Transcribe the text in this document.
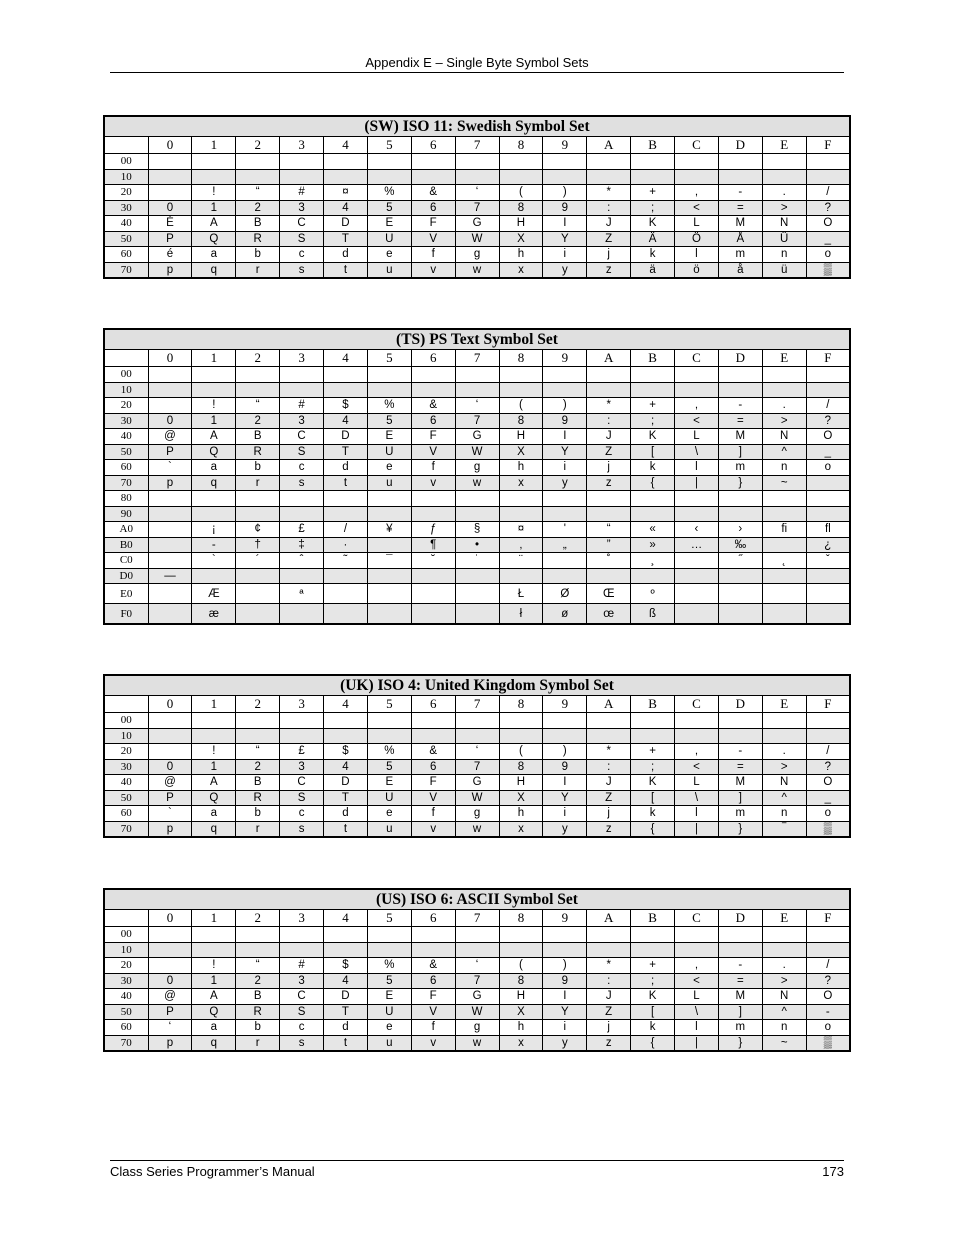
Appendix E – Single Byte Symbol Sets
(SW) ISO 11: Swedish Symbol Set																
	0	1	2	3	4	5	6	7	8	9	A	B	C	D	E	F
00																
10																
20		!	“	#	¤	%	&	‘	(	)	*	+	,	-	.	/
30	0	1	2	3	4	5	6	7	8	9	:	;	<	=	>	?
40	É	A	B	C	D	E	F	G	H	I	J	K	L	M	N	O
50	P	Q	R	S	T	U	V	W	X	Y	Z	Ä	Ö	Å	Ü	_
60	é	a	b	c	d	e	f	g	h	i	j	k	l	m	n	o
70	p	q	r	s	t	u	v	w	x	y	z	ä	ö	å	ü	▒
(TS) PS Text Symbol Set																
	0	1	2	3	4	5	6	7	8	9	A	B	C	D	E	F
00																
10																
20		!	“	#	$	%	&	‘	(	)	*	+	,	-	.	/
30	0	1	2	3	4	5	6	7	8	9	:	;	<	=	>	?
40	@	A	B	C	D	E	F	G	H	I	J	K	L	M	N	O
50	P	Q	R	S	T	U	V	W	X	Y	Z	[	\	]	^	_
60	`	a	b	c	d	e	f	g	h	i	j	k	l	m	n	o
70	p	q	r	s	t	u	v	w	x	y	z	{	|	}	~	
80																
90																
A0		¡	¢	£	/	¥	ƒ	§	¤	'	“	«	‹	›	ﬁ	ﬂ
B0		-	†	‡	·		¶	•	‚	„	”	»	…	‰		¿
C0		`	´	ˆ	˜	¯	˘	˙	¨		˚	¸		˝	˛	ˇ
D0	—															
E0		Æ		ª					Ł	Ø	Œ	º				
F0		æ							ł	ø	œ	ß				
(UK) ISO 4: United Kingdom Symbol Set																
	0	1	2	3	4	5	6	7	8	9	A	B	C	D	E	F
00																
10																
20		!	“	£	$	%	&	‘	(	)	*	+	,	-	.	/
30	0	1	2	3	4	5	6	7	8	9	:	;	<	=	>	?
40	@	A	B	C	D	E	F	G	H	I	J	K	L	M	N	O
50	P	Q	R	S	T	U	V	W	X	Y	Z	[	\	]	^	_
60	`	a	b	c	d	e	f	g	h	i	j	k	l	m	n	o
70	p	q	r	s	t	u	v	w	x	y	z	{	|	}	‾	▒
(US) ISO 6: ASCII Symbol Set																
	0	1	2	3	4	5	6	7	8	9	A	B	C	D	E	F
00																
10																
20		!	“	#	$	%	&	‘	(	)	*	+	,	‐	.	/
30	0	1	2	3	4	5	6	7	8	9	:	;	<	=	>	?
40	@	A	B	C	D	E	F	G	H	I	J	K	L	M	N	O
50	P	Q	R	S	T	U	V	W	X	Y	Z	[	\	]	^	-
60	‘	a	b	c	d	e	f	g	h	i	j	k	l	m	n	o
70	p	q	r	s	t	u	v	w	x	y	z	{	|	}	~	▒
Class Series Programmer’s Manual	173
